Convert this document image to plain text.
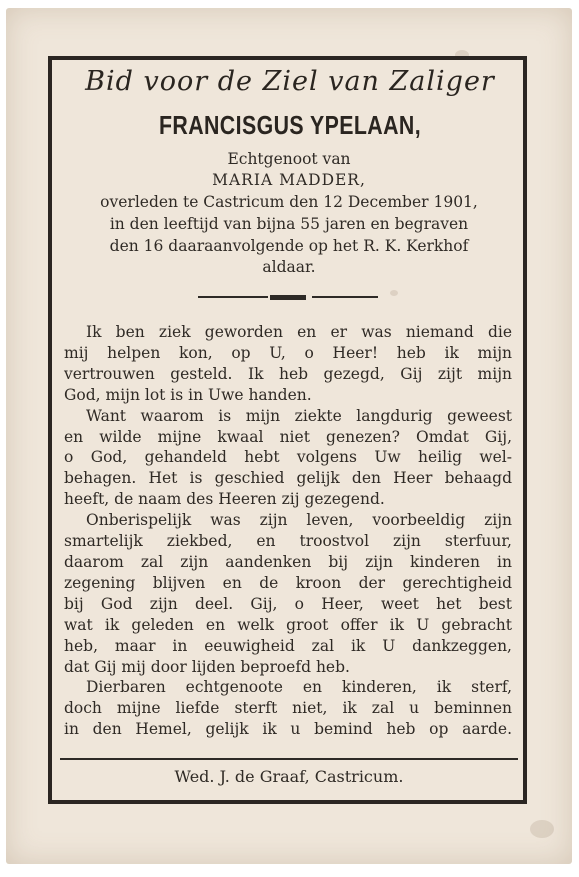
Bid voor de Ziel van Zaliger
FRANCISGUS YPELAAN,
Echtgenoot van
MARIA MADDER,
overleden te Castricum den 12 December 1901,
in den leeftijd van bijna 55 jaren en begraven
den 16 daaraanvolgende op het R. K. Kerkhof
aldaar.
Ik ben ziek geworden en er was niemand die
mij helpen kon, op U, o Heer! heb ik mijn
vertrouwen gesteld. Ik heb gezegd, Gij zijt mijn
God, mijn lot is in Uwe handen.
Want waarom is mijn ziekte langdurig geweest
en wilde mijne kwaal niet genezen? Omdat Gij,
o God, gehandeld hebt volgens Uw heilig wel-
behagen. Het is geschied gelijk den Heer behaagd
heeft, de naam des Heeren zij gezegend.
Onberispelijk was zijn leven, voorbeeldig zijn
smartelijk ziekbed, en troostvol zijn sterfuur,
daarom zal zijn aandenken bij zijn kinderen in
zegening blijven en de kroon der gerechtigheid
bij God zijn deel. Gij, o Heer, weet het best
wat ik geleden en welk groot offer ik U gebracht
heb, maar in eeuwigheid zal ik U dankzeggen,
dat Gij mij door lijden beproefd heb.
Dierbaren echtgenoote en kinderen, ik sterf,
doch mijne liefde sterft niet, ik zal u beminnen
in den Hemel, gelijk ik u bemind heb op aarde.
Wed. J. de Graaf, Castricum.
